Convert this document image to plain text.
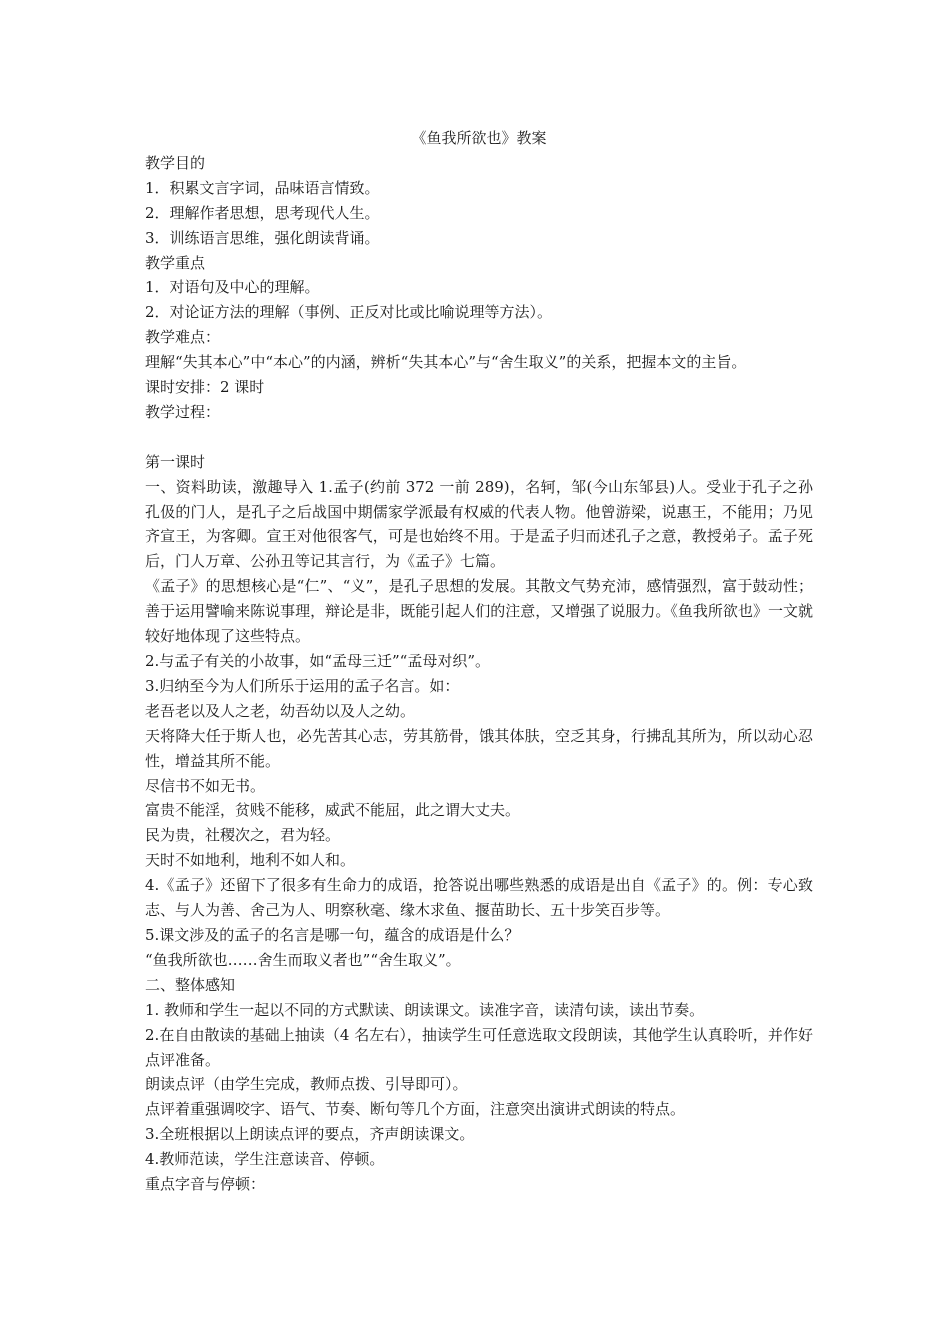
《鱼我所欲也》教案

教学目的

1．积累文言字词，品味语言情致。

2．理解作者思想，思考现代人生。

3．训练语言思维，强化朗读背诵。

教学重点

1．对语句及中心的理解。

2．对论证方法的理解（事例、正反对比或比喻说理等方法）。

教学难点：

理解“失其本心”中“本心”的内涵，辨析“失其本心”与“舍生取义”的关系，把握本文的主旨。

课时安排：2 课时

教学过程：

第一课时

一、资料助读，激趣导入 1.孟子(约前 372 一前 289)，名轲，邹(今山东邹县)人。受业于孔子之孙孔伋的门人，是孔子之后战国中期儒家学派最有权威的代表人物。他曾游梁，说惠王，不能用；乃见齐宣王，为客卿。宣王对他很客气，可是也始终不用。于是孟子归而述孔子之意，教授弟子。孟子死后，门人万章、公孙丑等记其言行，为《孟子》七篇。

《孟子》的思想核心是“仁”、“义”，是孔子思想的发展。其散文气势充沛，感情强烈，富于鼓动性；善于运用譬喻来陈说事理，辩论是非，既能引起人们的注意，又增强了说服力。《鱼我所欲也》一文就较好地体现了这些特点。

2.与孟子有关的小故事，如“孟母三迁”“孟母对织”。

3.归纳至今为人们所乐于运用的孟子名言。如：

老吾老以及人之老，幼吾幼以及人之幼。

天将降大任于斯人也，必先苦其心志，劳其筋骨，饿其体肤，空乏其身，行拂乱其所为，所以动心忍性，增益其所不能。

尽信书不如无书。

富贵不能淫，贫贱不能移，威武不能屈，此之谓大丈夫。

民为贵，社稷次之，君为轻。

天时不如地利，地利不如人和。

4.《孟子》还留下了很多有生命力的成语，抢答说出哪些熟悉的成语是出自《孟子》的。例：专心致志、与人为善、舍己为人、明察秋毫、缘木求鱼、揠苗助长、五十步笑百步等。

5.课文涉及的孟子的名言是哪一句，蕴含的成语是什么？

“鱼我所欲也……舍生而取义者也”“舍生取义”。

二、整体感知

1. 教师和学生一起以不同的方式默读、朗读课文。读准字音，读清句读，读出节奏。

2.在自由散读的基础上抽读（4 名左右），抽读学生可任意选取文段朗读，其他学生认真聆听，并作好点评准备。

朗读点评（由学生完成，教师点拨、引导即可）。

点评着重强调咬字、语气、节奏、断句等几个方面，注意突出演讲式朗读的特点。

3.全班根据以上朗读点评的要点，齐声朗读课文。

4.教师范读，学生注意读音、停顿。

重点字音与停顿：
